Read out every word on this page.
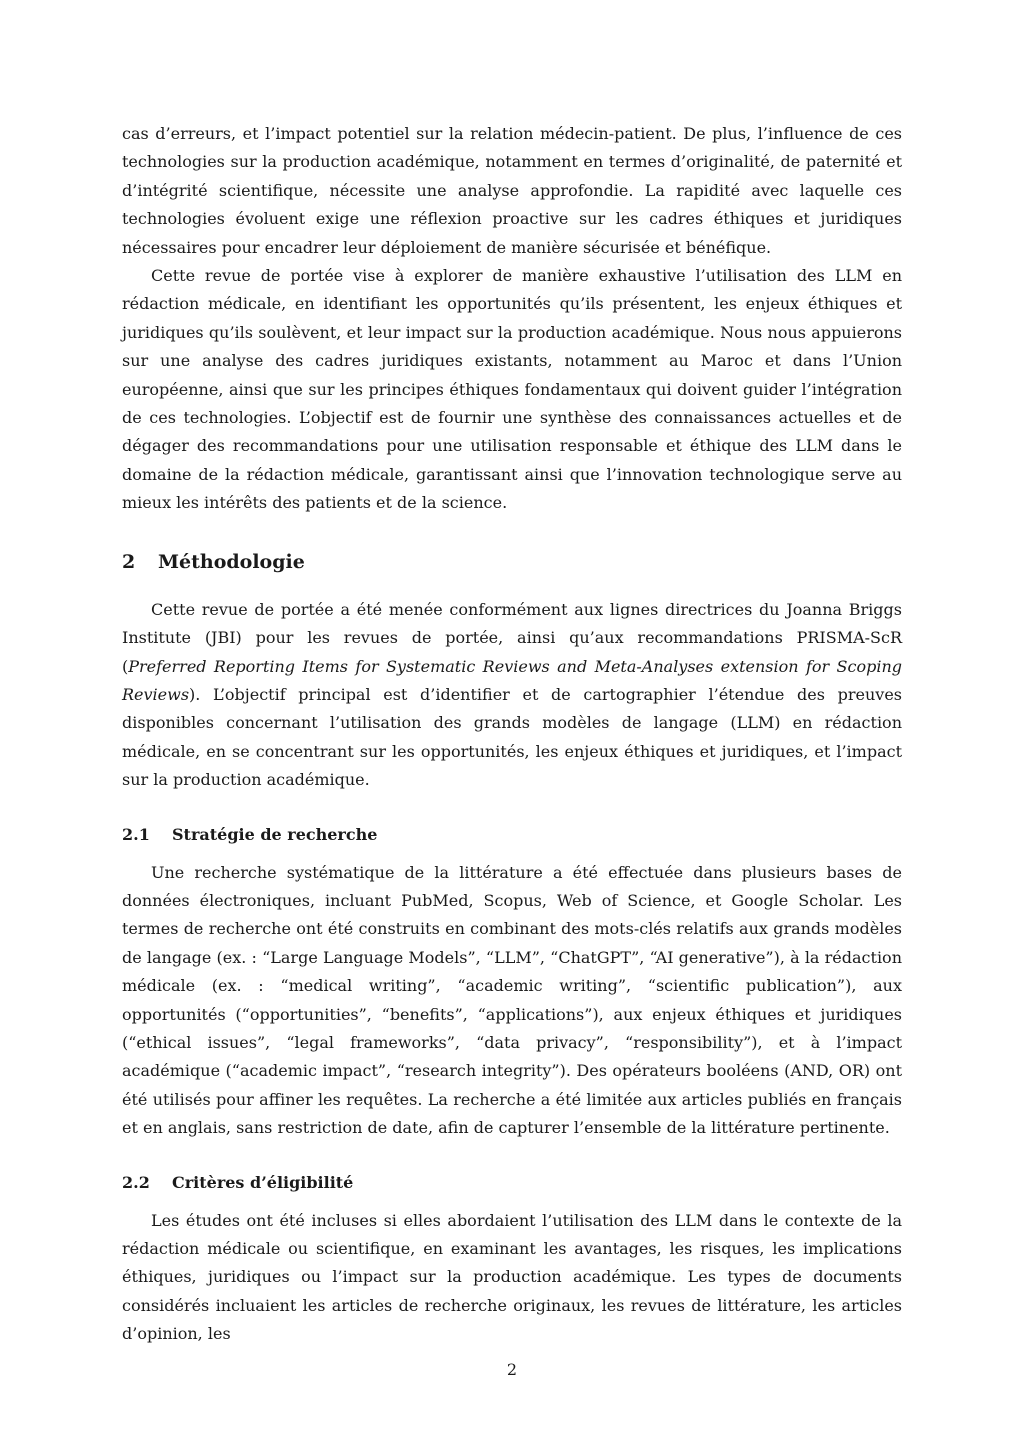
cas d’erreurs, et l’impact potentiel sur la relation médecin-patient. De plus, l’influence de ces technologies sur la production académique, notamment en termes d’originalité, de paternité et d’intégrité scientifique, nécessite une analyse approfondie. La rapidité avec laquelle ces technologies évoluent exige une réflexion proactive sur les cadres éthiques et juridiques nécessaires pour encadrer leur déploiement de manière sécurisée et bénéfique.

Cette revue de portée vise à explorer de manière exhaustive l’utilisation des LLM en rédaction médicale, en identifiant les opportunités qu’ils présentent, les enjeux éthiques et juridiques qu’ils soulèvent, et leur impact sur la production académique. Nous nous appuierons sur une analyse des cadres juridiques existants, notamment au Maroc et dans l’Union européenne, ainsi que sur les principes éthiques fondamentaux qui doivent guider l’intégration de ces technologies. L’objectif est de fournir une synthèse des connaissances actuelles et de dégager des recommandations pour une utilisation responsable et éthique des LLM dans le domaine de la rédaction médicale, garantissant ainsi que l’innovation technologique serve au mieux les intérêts des patients et de la science.

2 Méthodologie

Cette revue de portée a été menée conformément aux lignes directrices du Joanna Briggs Institute (JBI) pour les revues de portée, ainsi qu’aux recommandations PRISMA-ScR (Preferred Reporting Items for Systematic Reviews and Meta-Analyses extension for Scoping Reviews). L’objectif principal est d’identifier et de cartographier l’étendue des preuves disponibles concernant l’utilisation des grands modèles de langage (LLM) en rédaction médicale, en se concentrant sur les opportunités, les enjeux éthiques et juridiques, et l’impact sur la production académique.

2.1 Stratégie de recherche

Une recherche systématique de la littérature a été effectuée dans plusieurs bases de données électroniques, incluant PubMed, Scopus, Web of Science, et Google Scholar. Les termes de recherche ont été construits en combinant des mots-clés relatifs aux grands modèles de langage (ex. : “Large Language Models”, “LLM”, “ChatGPT”, “AI generative”), à la rédaction médicale (ex. : “medical writing”, “academic writing”, “scientific publication”), aux opportunités (“opportunities”, “benefits”, “applications”), aux enjeux éthiques et juridiques (“ethical issues”, “legal frameworks”, “data privacy”, “responsibility”), et à l’impact académique (“academic impact”, “research integrity”). Des opérateurs booléens (AND, OR) ont été utilisés pour affiner les requêtes. La recherche a été limitée aux articles publiés en français et en anglais, sans restriction de date, afin de capturer l’ensemble de la littérature pertinente.

2.2 Critères d’éligibilité

Les études ont été incluses si elles abordaient l’utilisation des LLM dans le contexte de la rédaction médicale ou scientifique, en examinant les avantages, les risques, les implications éthiques, juridiques ou l’impact sur la production académique. Les types de documents considérés incluaient les articles de recherche originaux, les revues de littérature, les articles d’opinion, les

2
